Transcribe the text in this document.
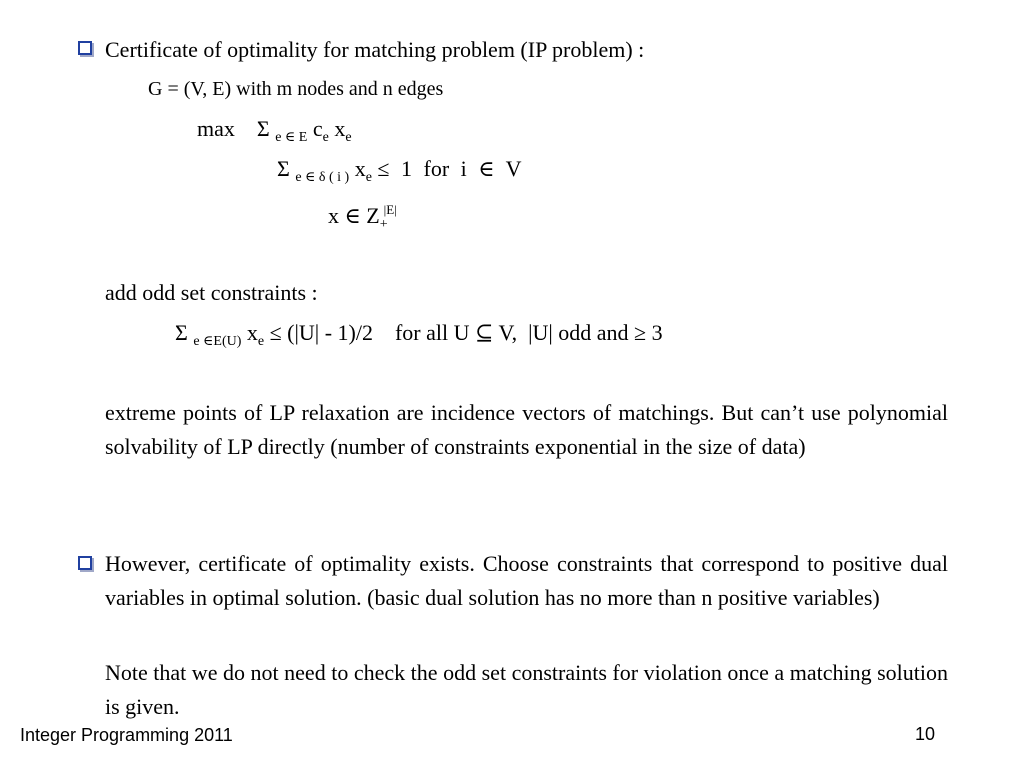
Certificate of optimality for matching problem (IP problem) :
G = (V, E) with m nodes and n edges
max Σ $_{e \in E}$ $c_e$ $x_e$
Σ $_{e \in \delta ( i )}$ $x_e \le 1$ for i ∈ V
x ∈ $Z_+^{|E|}$
add odd set constraints :
Σ $_{e \in E(U)}$ $x_e \le (|U| - 1)/2$    for all U ⊆ V,  |U| odd and ≥ 3
extreme points of LP relaxation are incidence vectors of matchings. But can’t use polynomial solvability of LP directly (number of constraints exponential in the size of data)
However, certificate of optimality exists. Choose constraints that correspond to positive dual variables in optimal solution. (basic dual solution has no more than n positive variables)
Note that we do not need to check the odd set constraints for violation once a matching solution is given.
Integer Programming 2011	10
